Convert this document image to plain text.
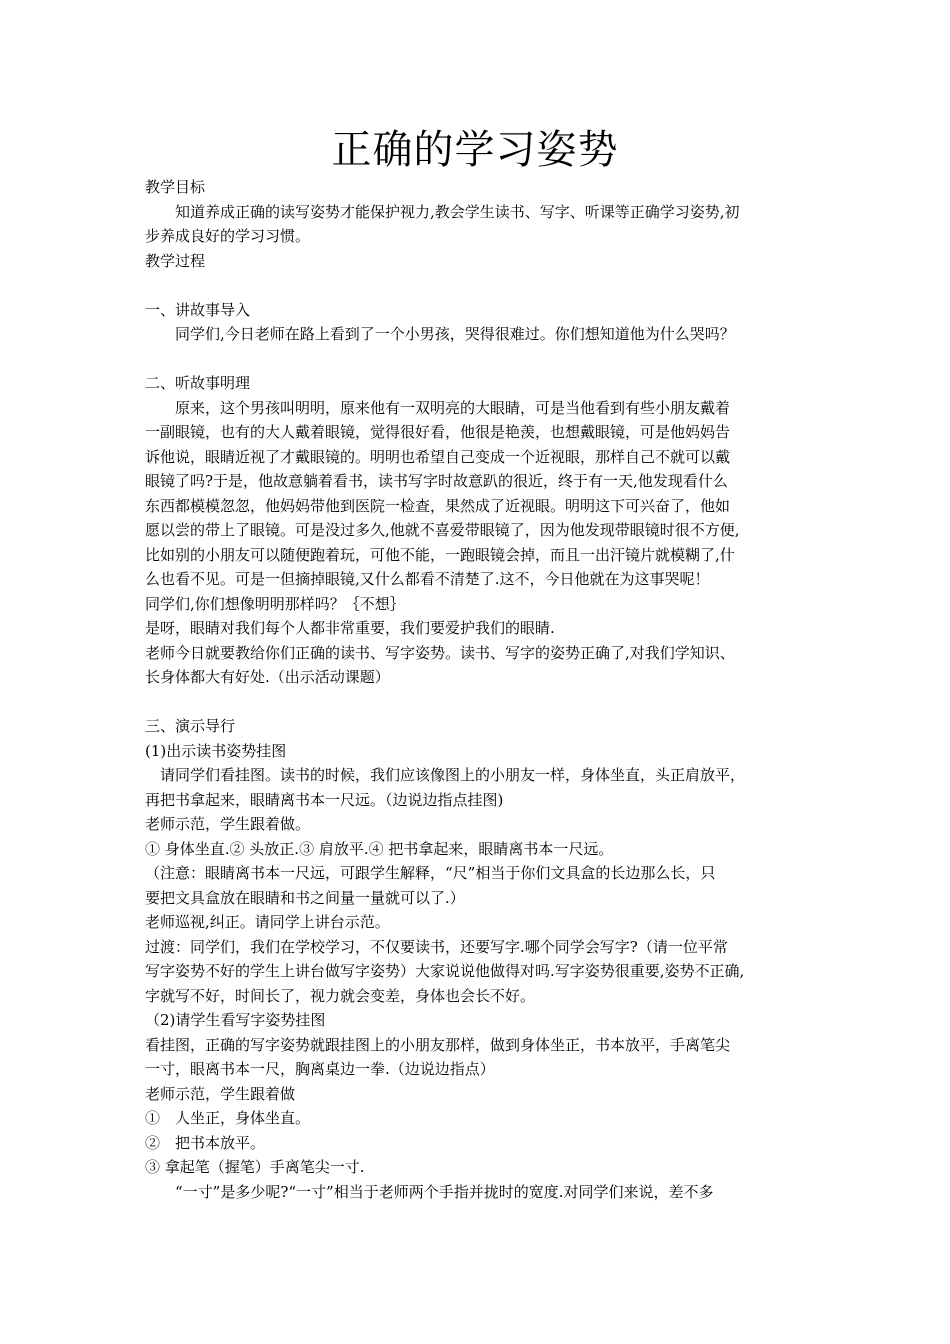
正确的学习姿势

教学目标

　　知道养成正确的读写姿势才能保护视力,教会学生读书、写字、听课等正确学习姿势,初

步养成良好的学习习惯。

教学过程

一、讲故事导入

　　同学们,今日老师在路上看到了一个小男孩，哭得很难过。你们想知道他为什么哭吗？

二、听故事明理

　　原来，这个男孩叫明明，原来他有一双明亮的大眼睛，可是当他看到有些小朋友戴着

一副眼镜，也有的大人戴着眼镜，觉得很好看，他很是艳羡，也想戴眼镜，可是他妈妈告

诉他说，眼睛近视了才戴眼镜的。明明也希望自己变成一个近视眼，那样自己不就可以戴

眼镜了吗?于是，他故意躺着看书，读书写字时故意趴的很近，终于有一天,他发现看什么

东西都模模忽忽，他妈妈带他到医院一检查，果然成了近视眼。明明这下可兴奋了，他如

愿以尝的带上了眼镜。可是没过多久,他就不喜爱带眼镜了，因为他发现带眼镜时很不方便,

比如别的小朋友可以随便跑着玩，可他不能，一跑眼镜会掉，而且一出汗镜片就模糊了,什

么也看不见。可是一但摘掉眼镜,又什么都看不清楚了.这不，今日他就在为这事哭呢！

同学们,你们想像明明那样吗？｛不想｝

是呀，眼睛对我们每个人都非常重要，我们要爱护我们的眼睛.

老师今日就要教给你们正确的读书、写字姿势。读书、写字的姿势正确了,对我们学知识、

长身体都大有好处.（出示活动课题）

三、演示导行

(1)出示读书姿势挂图

　请同学们看挂图。读书的时候，我们应该像图上的小朋友一样，身体坐直，头正肩放平，

再把书拿起来，眼睛离书本一尺远。（边说边指点挂图)

老师示范，学生跟着做。

① 身体坐直.② 头放正.③ 肩放平.④ 把书拿起来，眼睛离书本一尺远。

（注意：眼睛离书本一尺远，可跟学生解释，“尺”相当于你们文具盒的长边那么长，只

要把文具盒放在眼睛和书之间量一量就可以了.）

老师巡视,纠正。请同学上讲台示范。

过渡：同学们，我们在学校学习，不仅要读书，还要写字.哪个同学会写字?（请一位平常

写字姿势不好的学生上讲台做写字姿势）大家说说他做得对吗.写字姿势很重要,姿势不正确,

字就写不好，时间长了，视力就会变差，身体也会长不好。

（2)请学生看写字姿势挂图

看挂图，正确的写字姿势就跟挂图上的小朋友那样，做到身体坐正，书本放平，手离笔尖

一寸，眼离书本一尺，胸离桌边一拳.（边说边指点）

老师示范，学生跟着做

①　人坐正，身体坐直。

②　把书本放平。

③ 拿起笔（握笔）手离笔尖一寸.

　　“一寸”是多少呢?“一寸”相当于老师两个手指并拢时的宽度.对同学们来说，差不多
